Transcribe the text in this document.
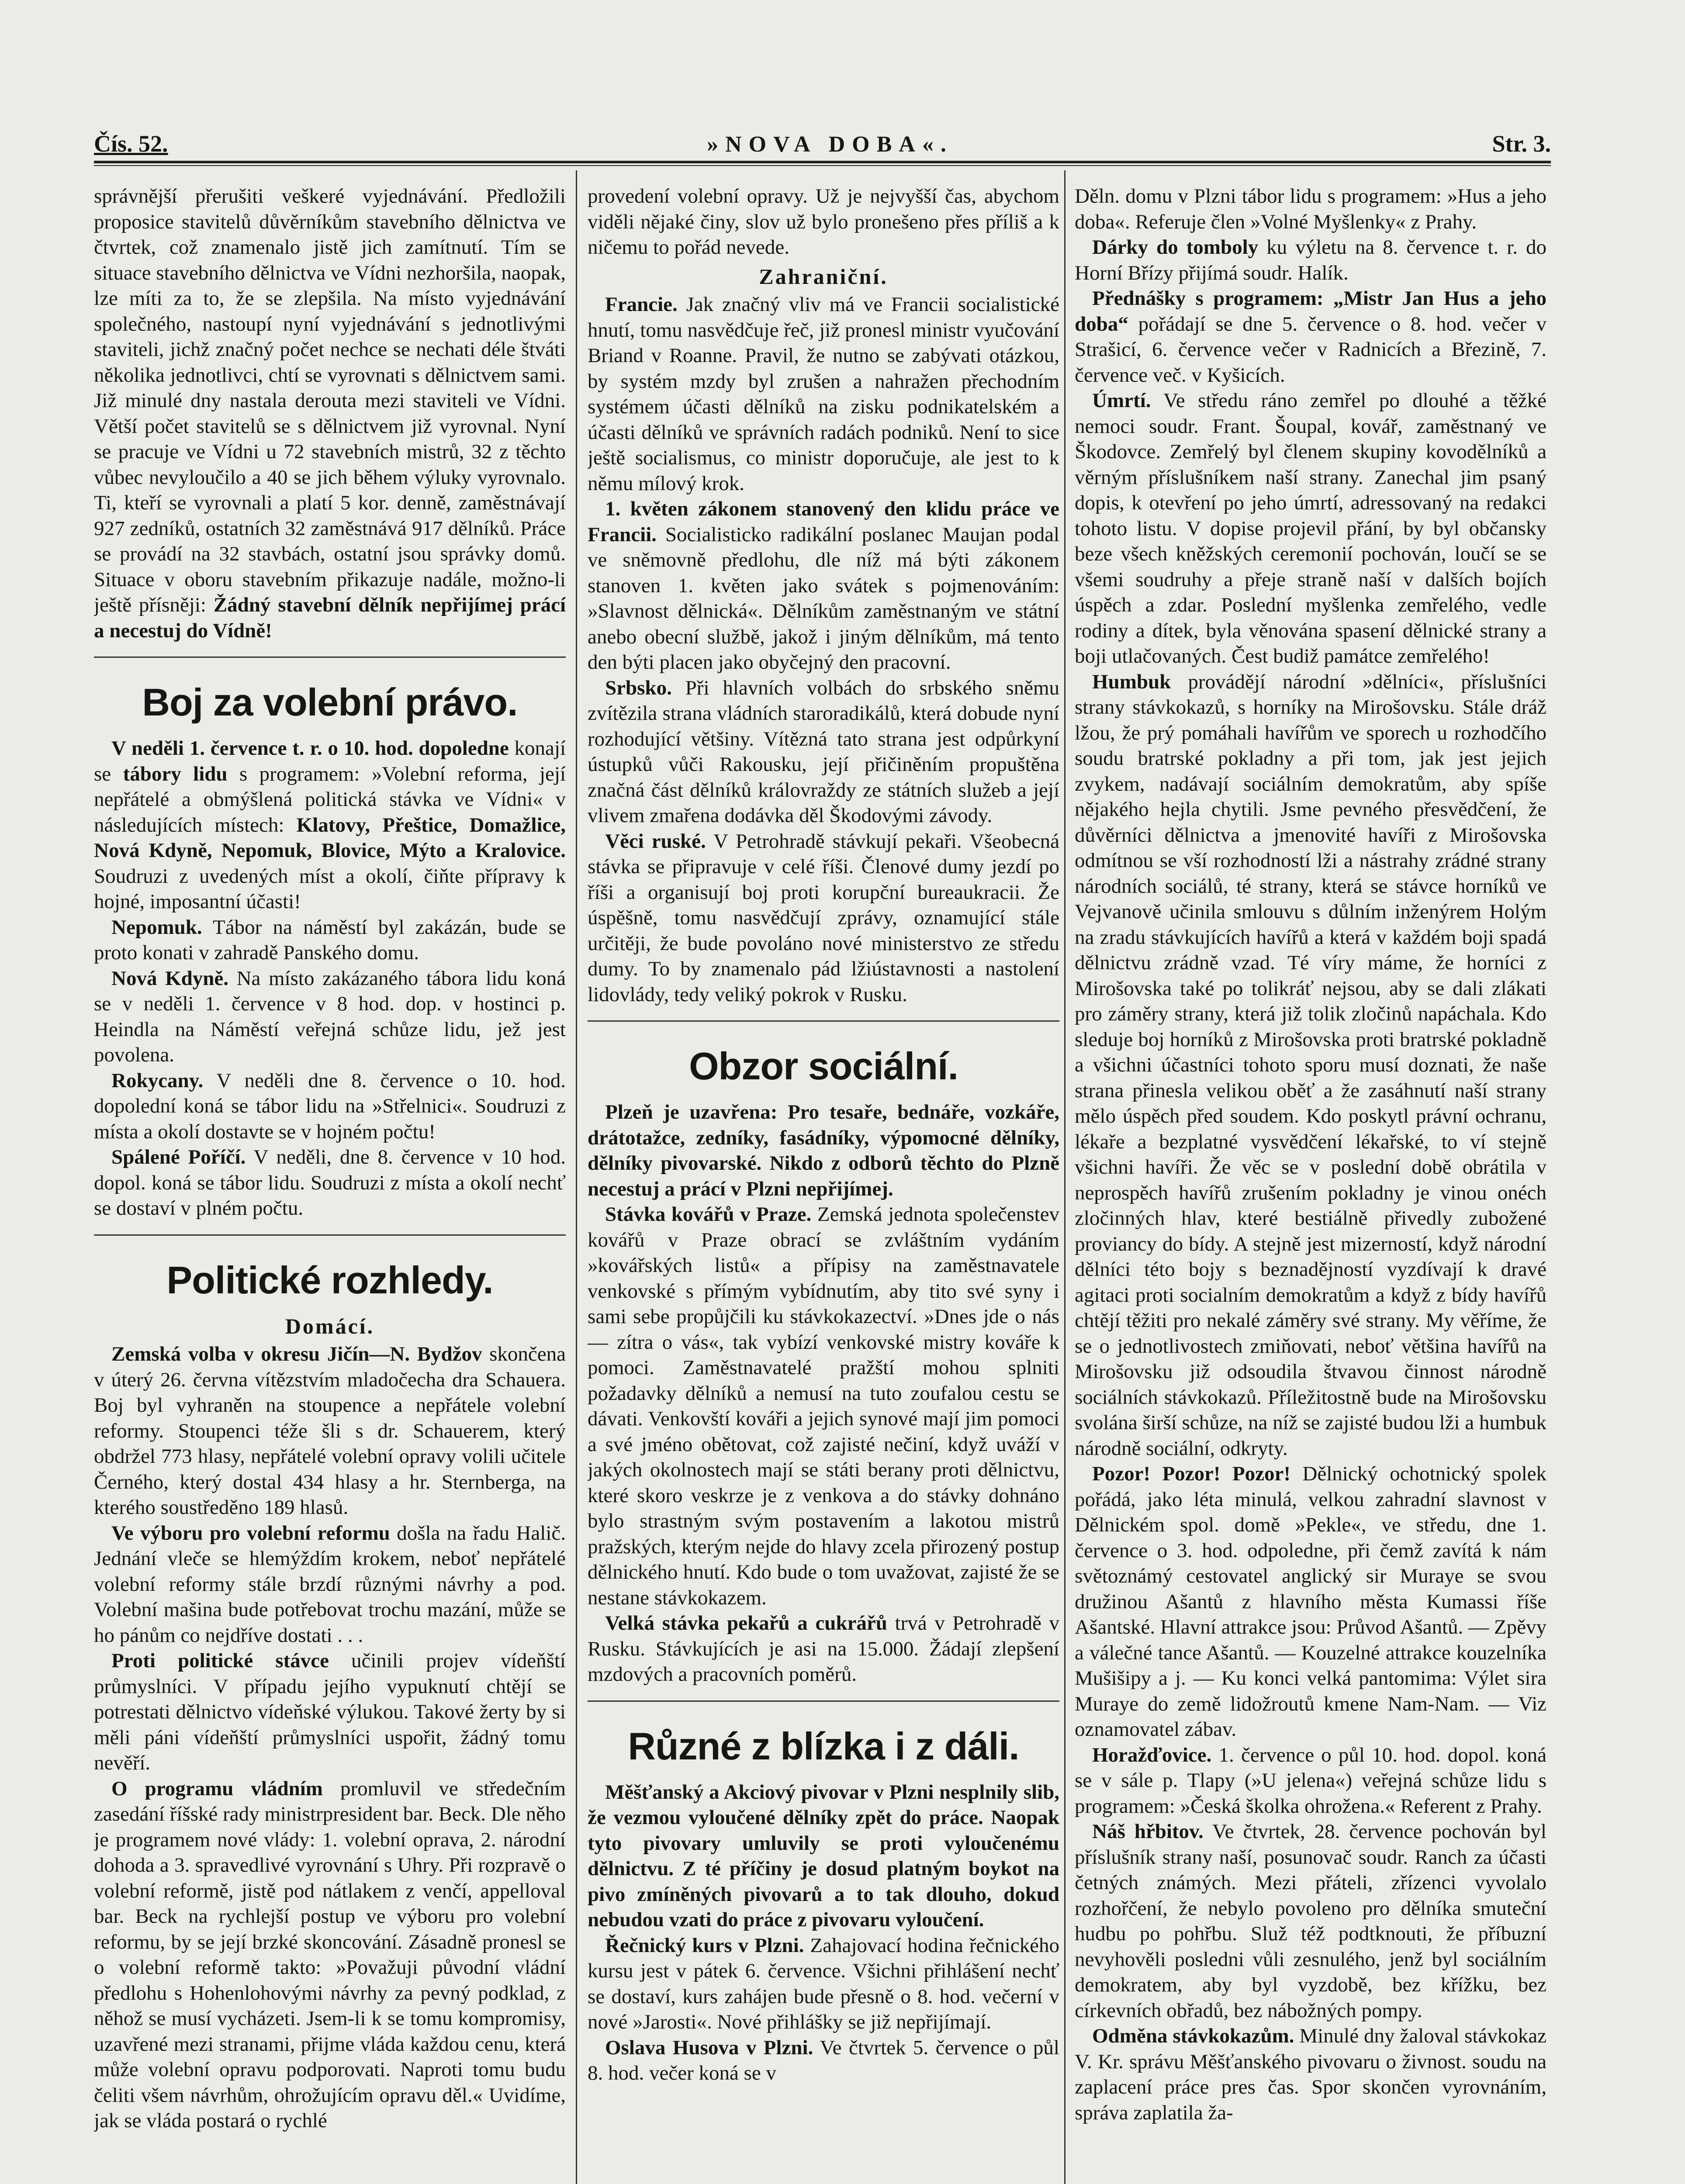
Čís. 52.	»NOVA DOBA«.	Str. 3.

správnější přerušiti veškeré vyjednávání. Předložili proposice stavitelů důvěrníkům stavebního dělnictva ve čtvrtek, což znamenalo jistě jich zamítnutí. Tím se situace stavebního dělnictva ve Vídni nezhoršila, naopak, lze míti za to, že se zlepšila. Na místo vyjednávání společného, nastoupí nyní vyjednávání s jednotlivými staviteli, jichž značný počet nechce se nechati déle štváti několika jednotlivci, chtí se vyrovnati s dělnictvem sami. Již minulé dny nastala derouta mezi staviteli ve Vídni. Větší počet stavitelů se s dělnictvem již vyrovnal. Nyní se pracuje ve Vídni u 72 stavebních mistrů, 32 z těchto vůbec nevyloučilo a 40 se jich během výluky vyrovnalo. Ti, kteří se vyrovnali a platí 5 kor. denně, zaměstnávají 927 zedníků, ostatních 32 zaměstnává 917 dělníků. Práce se provádí na 32 stavbách, ostatní jsou správky domů. Situace v oboru stavebním přikazuje nadále, možno-li ještě přísněji: Žádný stavební dělník nepřijímej prácí a necestuj do Vídně!

Boj za volební právo.

V neděli 1. července t. r. o 10. hod. dopoledne konají se tábory lidu s programem: »Volební reforma, její nepřátelé a obmýšlená politická stávka ve Vídni« v následujících místech: Klatovy, Přeštice, Domažlice, Nová Kdyně, Nepomuk, Blovice, Mýto a Kralovice. Soudruzi z uvedených míst a okolí, čiňte přípravy k hojné, imposantní účasti!

Nepomuk. Tábor na náměstí byl zakázán, bude se proto konati v zahradě Panského domu.

Nová Kdyně. Na místo zakázaného tábora lidu koná se v neděli 1. července v 8 hod. dop. v hostinci p. Heindla na Náměstí veřejná schůze lidu, jež jest povolena.

Rokycany. V neděli dne 8. července o 10. hod. dopolední koná se tábor lidu na »Střelnici«. Soudruzi z místa a okolí dostavte se v hojném počtu!

Spálené Poříčí. V neděli, dne 8. července v 10 hod. dopol. koná se tábor lidu. Soudruzi z místa a okolí nechť se dostaví v plném počtu.

Politické rozhledy.
Domácí.

Zemská volba v okresu Jičín—N. Bydžov skončena v úterý 26. června vítězstvím mladočecha dra Schauera. Boj byl vyhraněn na stoupence a nepřátele volební reformy. Stoupenci téže šli s dr. Schauerem, který obdržel 773 hlasy, nepřátelé volební opravy volili učitele Černého, který dostal 434 hlasy a hr. Sternberga, na kterého soustředěno 189 hlasů.

Ve výboru pro volební reformu došla na řadu Halič. Jednání vleče se hlemýždím krokem, neboť nepřátelé volební reformy stále brzdí různými návrhy a pod. Volební mašina bude potřebovat trochu mazání, může se ho pánům co nejdříve dostati . . .

Proti politické stávce učinili projev vídeňští průmyslníci. V případu jejího vypuknutí chtějí se potrestati dělnictvo vídeňské výlukou. Takové žerty by si měli páni vídeňští průmyslníci uspořit, žádný tomu nevěří.

O programu vládním promluvil ve středečním zasedání říšské rady ministrpresident bar. Beck. Dle něho je programem nové vlády: 1. volební oprava, 2. národní dohoda a 3. spravedlivé vyrovnání s Uhry. Při rozpravě o volební reformě, jistě pod nátlakem z venčí, appelloval bar. Beck na rychlejší postup ve výboru pro volební reformu, by se její brzké skoncování. Zásadně pronesl se o volební reformě takto: »Považuji původní vládní předlohu s Hohenlohovými návrhy za pevný podklad, z něhož se musí vycházeti. Jsem-li k se tomu kompromisy, uzavřené mezi stranami, přijme vláda každou cenu, která může volební opravu podporovati. Naproti tomu budu čeliti všem návrhům, ohrožujícím opravu děl.« Uvidíme, jak se vláda postará o rychlé

provedení volební opravy. Už je nejvyšší čas, abychom viděli nějaké činy, slov už bylo pronešeno přes příliš a k ničemu to pořád nevede.

Zahraniční.

Francie. Jak značný vliv má ve Francii socialistické hnutí, tomu nasvědčuje řeč, již pronesl ministr vyučování Briand v Roanne. Pravil, že nutno se zabývati otázkou, by systém mzdy byl zrušen a nahražen přechodním systémem účasti dělníků na zisku podnikatelském a účasti dělníků ve správních radách podniků. Není to sice ještě socialismus, co ministr doporučuje, ale jest to k němu mílový krok.

1. květen zákonem stanovený den klidu práce ve Francii. Socialisticko radikální poslanec Maujan podal ve sněmovně předlohu, dle níž má býti zákonem stanoven 1. květen jako svátek s pojmenováním: »Slavnost dělnická«. Dělníkům zaměstnaným ve státní anebo obecní službě, jakož i jiným dělníkům, má tento den býti placen jako obyčejný den pracovní.

Srbsko. Při hlavních volbách do srbského sněmu zvítězila strana vládních staroradikálů, která dobude nyní rozhodující většiny. Vítězná tato strana jest odpůrkyní ústupků vůči Rakousku, její přičiněním propuštěna značná část dělníků královraždy ze státních služeb a její vlivem zmařena dodávka děl Škodovými závody.

Věci ruské. V Petrohradě stávkují pekaři. Všeobecná stávka se připravuje v celé říši. Členové dumy jezdí po říši a organisují boj proti korupční bureaukracii. Že úspěšně, tomu nasvědčují zprávy, oznamující stále určitěji, že bude povoláno nové ministerstvo ze středu dumy. To by znamenalo pád lžiústavnosti a nastolení lidovlády, tedy veliký pokrok v Rusku.

Obzor sociální.

Plzeň je uzavřena: Pro tesaře, bednáře, vozkáře, drátotažce, zedníky, fasádníky, výpomocné dělníky, dělníky pivovarské. Nikdo z odborů těchto do Plzně necestuj a prácí v Plzni nepřijímej.

Stávka kovářů v Praze. Zemská jednota společenstev kovářů v Praze obrací se zvláštním vydáním »kovářských listů« a přípisy na zaměstnavatele venkovské s přímým vybídnutím, aby tito své syny i sami sebe propůjčili ku stávkokazectví. »Dnes jde o nás — zítra o vás«, tak vybízí venkovské mistry kováře k pomoci. Zaměstnavatelé pražští mohou splniti požadavky dělníků a nemusí na tuto zoufalou cestu se dávati. Venkovští kováři a jejich synové mají jim pomoci a své jméno obětovat, což zajisté nečiní, když uváží v jakých okolnostech mají se státi berany proti dělnictvu, které skoro veskrze je z venkova a do stávky dohnáno bylo strastným svým postavením a lakotou mistrů pražských, kterým nejde do hlavy zcela přirozený postup dělnického hnutí. Kdo bude o tom uvažovat, zajisté že se nestane stávkokazem.

Velká stávka pekařů a cukrářů trvá v Petrohradě v Rusku. Stávkujících je asi na 15.000. Žádají zlepšení mzdových a pracovních poměrů.

Různé z blízka i z dáli.

Měšťanský a Akciový pivovar v Plzni nesplnily slib, že vezmou vyloučené dělníky zpět do práce. Naopak tyto pivovary umluvily se proti vyloučenému dělnictvu. Z té příčiny je dosud platným boykot na pivo zmíněných pivovarů a to tak dlouho, dokud nebudou vzati do práce z pivovaru vyloučení.

Řečnický kurs v Plzni. Zahajovací hodina řečnického kursu jest v pátek 6. července. Všichni přihlášení nechť se dostaví, kurs zahájen bude přesně o 8. hod. večerní v nové »Jarosti«. Nové přihlášky se již nepřijímají.

Oslava Husova v Plzni. Ve čtvrtek 5. července o půl 8. hod. večer koná se v

Děln. domu v Plzni tábor lidu s programem: »Hus a jeho doba«. Referuje člen »Volné Myšlenky« z Prahy.

Dárky do tomboly ku výletu na 8. července t. r. do Horní Břízy přijímá soudr. Halík.

Přednášky s programem: „Mistr Jan Hus a jeho doba“ pořádají se dne 5. července o 8. hod. večer v Strašicí, 6. července večer v Radnicích a Březině, 7. července več. v Kyšicích.

Úmrtí. Ve středu ráno zemřel po dlouhé a těžké nemoci soudr. Frant. Šoupal, kovář, zaměstnaný ve Škodovce. Zemřelý byl členem skupiny kovodělníků a věrným příslušníkem naší strany. Zanechal jim psaný dopis, k otevření po jeho úmrtí, adressovaný na redakci tohoto listu. V dopise projevil přání, by byl občansky beze všech kněžských ceremonií pochován, loučí se se všemi soudruhy a přeje straně naší v dalších bojích úspěch a zdar. Poslední myšlenka zemřelého, vedle rodiny a dítek, byla věnována spasení dělnické strany a boji utlačovaných. Čest budiž památce zemřelého!

Humbuk provádějí národní »dělníci«, příslušníci strany stávkokazů, s horníky na Mirošovsku. Stále dráž lžou, že prý pomáhali havířům ve sporech u rozhodčího soudu bratrské pokladny a při tom, jak jest jejich zvykem, nadávají sociálním demokratům, aby spíše nějakého hejla chytili. Jsme pevného přesvědčení, že důvěrníci dělnictva a jmenovité havíři z Mirošovska odmítnou se vší rozhodností lži a nástrahy zrádné strany národních sociálů, té strany, která se stávce horníků ve Vejvanově učinila smlouvu s důlním inženýrem Holým na zradu stávkujících havířů a která v každém boji spadá dělnictvu zrádně vzad. Té víry máme, že horníci z Mirošovska také po tolikráť nejsou, aby se dali zlákati pro záměry strany, která již tolik zločinů napáchala. Kdo sleduje boj horníků z Mirošovska proti bratrské pokladně a všichni účastníci tohoto sporu musí doznati, že naše strana přinesla velikou oběť a že zasáhnutí naší strany mělo úspěch před soudem. Kdo poskytl právní ochranu, lékaře a bezplatné vysvědčení lékařské, to ví stejně všichni havíři. Že věc se v poslední době obrátila v neprospěch havířů zrušením pokladny je vinou onéch zločinných hlav, které bestiálně přivedly zubožené proviancy do bídy. A stejně jest mizerností, když národní dělníci této bojy s beznadějností vyzdívají k dravé agitaci proti socialním demokratům a když z bídy havířů chtějí těžiti pro nekalé záměry své strany. My věříme, že se o jednotlivostech zmiňovati, neboť většina havířů na Mirošovsku již odsoudila štvavou činnost národně sociálních stávkokazů. Příležitostně bude na Mirošovsku svolána širší schůze, na níž se zajisté budou lži a humbuk národně sociální, odkryty.

Pozor! Pozor! Pozor! Dělnický ochotnický spolek pořádá, jako léta minulá, velkou zahradní slavnost v Dělnickém spol. domě »Pekle«, ve středu, dne 1. července o 3. hod. odpoledne, při čemž zavítá k nám světoznámý cestovatel anglický sir Muraye se svou družinou Ašantů z hlavního města Kumassi říše Ašantské. Hlavní attrakce jsou: Průvod Ašantů. — Zpěvy a válečné tance Ašantů. — Kouzelné attrakce kouzelníka Mušišipy a j. — Ku konci velká pantomima: Výlet sira Muraye do země lidožroutů kmene Nam-Nam. — Viz oznamovatel zábav.

Horažďovice. 1. července o půl 10. hod. dopol. koná se v sále p. Tlapy (»U jelena«) veřejná schůze lidu s programem: »Česká školka ohrožena.« Referent z Prahy.

Náš hřbitov. Ve čtvrtek, 28. července pochován byl příslušník strany naší, posunovač soudr. Ranch za účasti četných známých. Mezi přáteli, zřízenci vyvolalo rozhořčení, že nebylo povoleno pro dělníka smuteční hudbu po pohřbu. Služ též podtknouti, že příbuzní nevyhověli posledni vůli zesnulého, jenž byl sociálním demokratem, aby byl vyzdobě, bez křížku, bez církevních obřadů, bez nábožných pompy.

Odměna stávkokazům. Minulé dny žaloval stávkokaz V. Kr. správu Měšťanského pivovaru o živnost. soudu na zaplacení práce pres čas. Spor skončen vyrovnáním, správa zaplatila ža-
